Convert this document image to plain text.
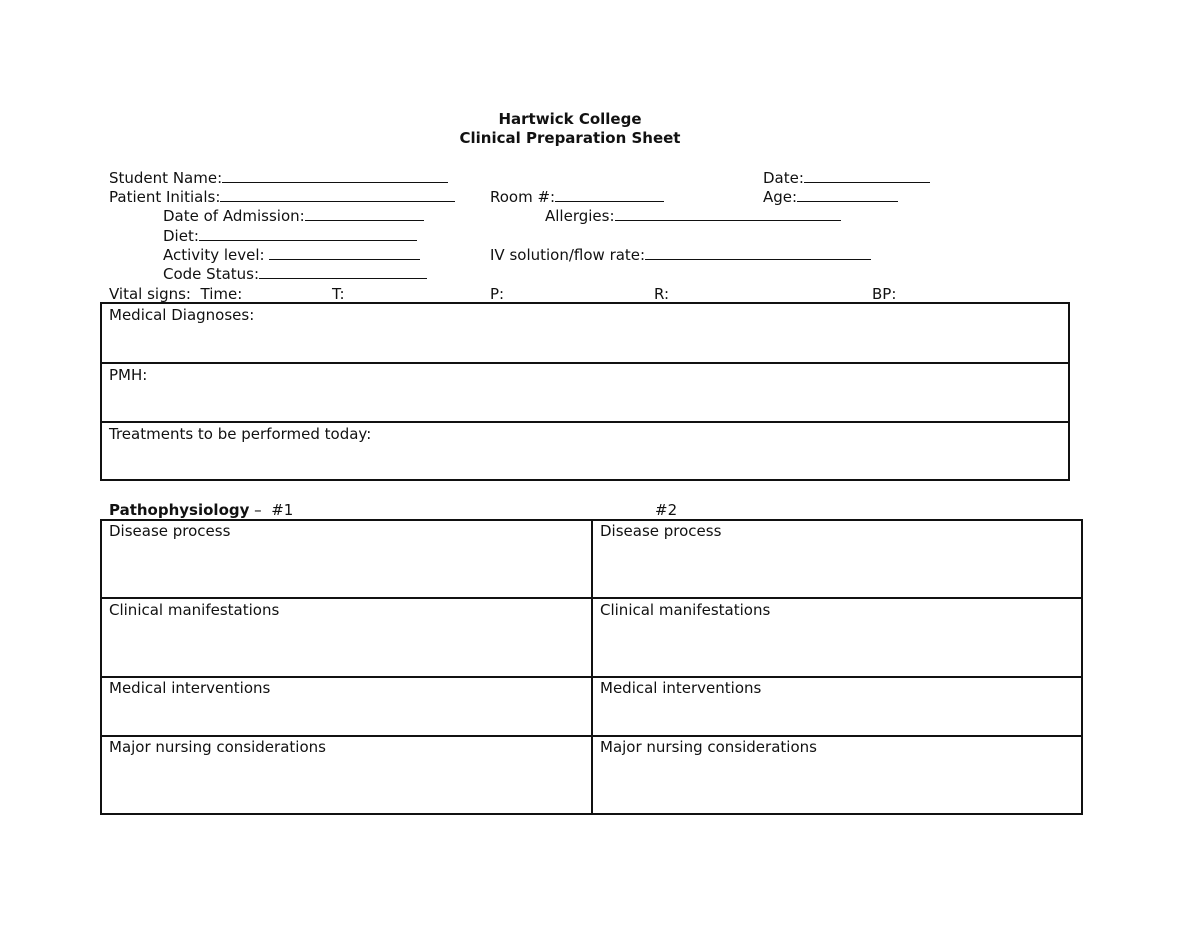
Hartwick College
Clinical Preparation Sheet
Student Name:	Date:
Patient Initials:	Room #:	Age:
Date of Admission:	Allergies:
Diet:
Activity level:	IV solution/flow rate:
Code Status:
Vital signs:  Time:	T:	P:	R:	BP:
Medical Diagnoses:
PMH:
Treatments to be performed today:
Pathophysiology –  #1	#2
Disease process	Disease process
Clinical manifestations	Clinical manifestations
Medical interventions	Medical interventions
Major nursing considerations	Major nursing considerations
